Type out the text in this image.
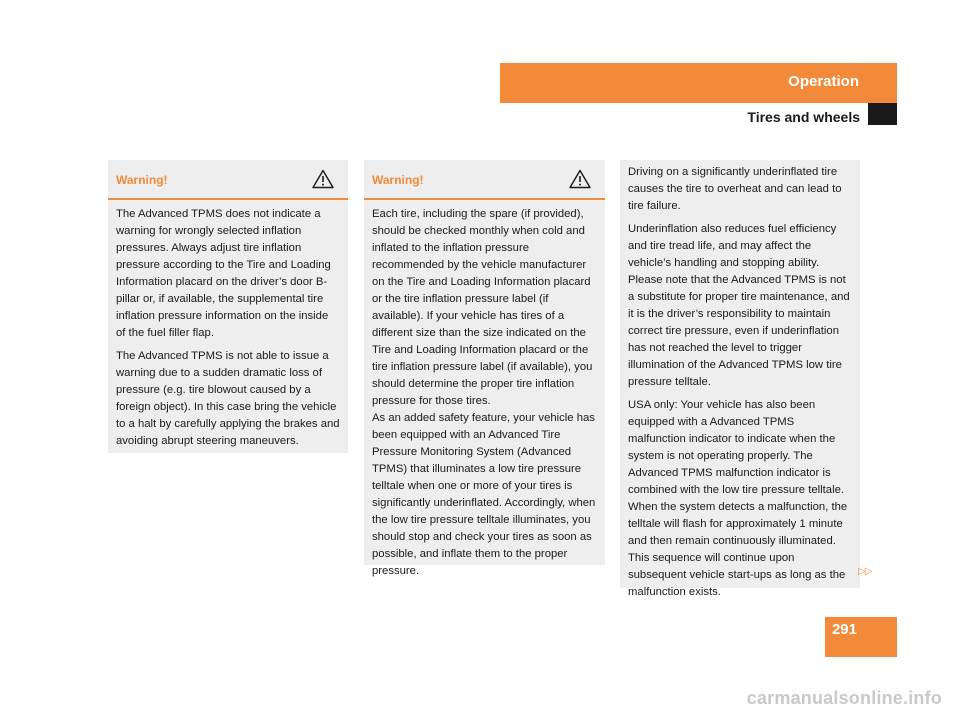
Operation
Tires and wheels
Warning!

The Advanced TPMS does not indicate a warning for wrongly selected inflation pressures. Always adjust tire inflation pressure according to the Tire and Loading Information placard on the driver’s door B-pillar or, if available, the supplemental tire inflation pressure information on the inside of the fuel filler flap.

The Advanced TPMS is not able to issue a warning due to a sudden dramatic loss of pressure (e.g. tire blowout caused by a foreign object). In this case bring the vehicle to a halt by carefully applying the brakes and avoiding abrupt steering maneuvers.

Warning!

Each tire, including the spare (if provided), should be checked monthly when cold and inflated to the inflation pressure recommended by the vehicle manufacturer on the Tire and Loading Information placard or the tire inflation pressure label (if available). If your vehicle has tires of a different size than the size indicated on the Tire and Loading Information placard or the tire inflation pressure label (if available), you should determine the proper tire inflation pressure for those tires.

As an added safety feature, your vehicle has been equipped with an Advanced Tire Pressure Monitoring System (Advanced TPMS) that illuminates a low tire pressure telltale when one or more of your tires is significantly underinflated. Accordingly, when the low tire pressure telltale illuminates, you should stop and check your tires as soon as possible, and inflate them to the proper pressure.

Driving on a significantly underinflated tire causes the tire to overheat and can lead to tire failure.

Underinflation also reduces fuel efficiency and tire tread life, and may affect the vehicle’s handling and stopping ability. Please note that the Advanced TPMS is not a substitute for proper tire maintenance, and it is the driver’s responsibility to maintain correct tire pressure, even if underinflation has not reached the level to trigger illumination of the Advanced TPMS low tire pressure telltale.

USA only: Your vehicle has also been equipped with a Advanced TPMS malfunction indicator to indicate when the system is not operating properly. The Advanced TPMS malfunction indicator is combined with the low tire pressure telltale. When the system detects a malfunction, the telltale will flash for approximately 1 minute and then remain continuously illuminated. This sequence will continue upon subsequent vehicle start-ups as long as the malfunction exists.

▷▷
291
carmanualsonline.info
